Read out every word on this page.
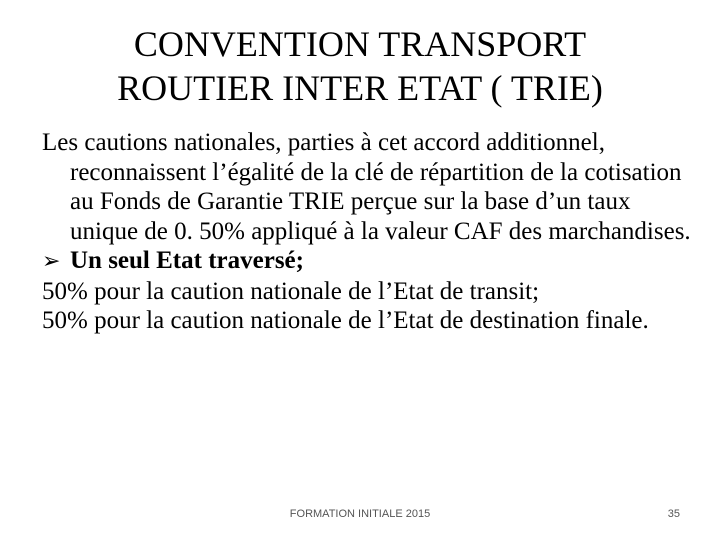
CONVENTION TRANSPORT
ROUTIER INTER ETAT ( TRIE)

Les cautions nationales, parties à cet accord additionnel, reconnaissent l’égalité de la clé de répartition de la cotisation au Fonds de Garantie TRIE perçue sur la base d’un taux unique de 0. 50% appliqué à la valeur CAF des marchandises.

➢ Un seul Etat traversé;

50% pour la caution nationale de l’Etat de transit;

50% pour la caution nationale de l’Etat de destination finale.

FORMATION INITIALE 2015	35
